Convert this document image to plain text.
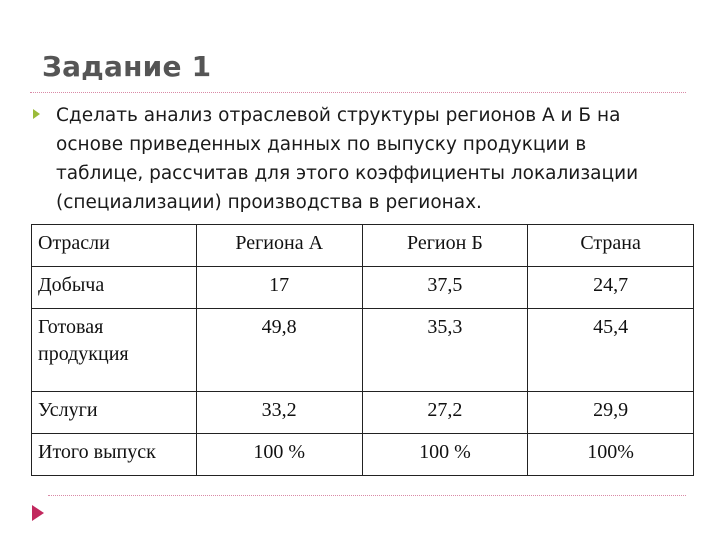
Задание 1
Сделать анализ отраслевой структуры регионов А и Б на основе приведенных данных по выпуску продукции в таблице, рассчитав для этого коэффициенты локализации (специализации) производства в регионах.
Отрасли	Региона А	Регион Б	Страна
Добыча	17	37,5	24,7
Готовая продукция	49,8	35,3	45,4
Услуги	33,2	27,2	29,9
Итого выпуск	100 %	100 %	100%
